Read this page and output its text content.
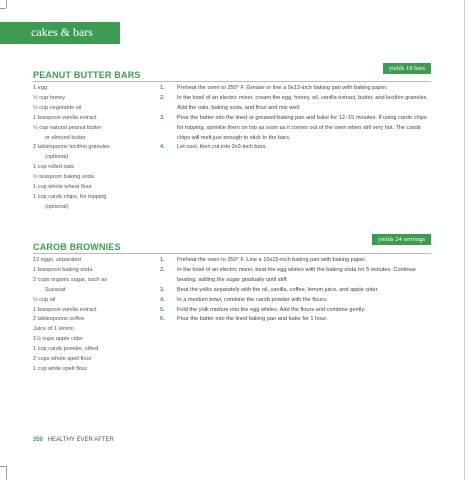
cakes & bars
yields 18 bars
PEANUT BUTTER BARS
1 egg
½ cup honey
½ cup vegetable oil
1 teaspoon vanilla extract
½ cup natural peanut butter
or almond butter
2 tablespoons lecithin granules
(optional)
1 cup rolled oats
½ teaspoon baking soda
1 cup whole wheat flour
1 cup carob chips, for topping
(optional)
1. Preheat the oven to 350° F. Grease or line a 9x13-inch baking pan with baking paper.
2. In the bowl of an electric mixer, cream the egg, honey, oil, vanilla extract, butter, and lecithin granules. Add the oats, baking soda, and flour and mix well.
3. Pour the batter into the lined or greased baking pan and bake for 12–15 minutes. If using carob chips for topping, sprinkle them on top as soon as it comes out of the oven when still very hot. The carob chips will melt just enough to stick to the bars.
4. Let cool, then cut into 2x3-inch bars.
yields 24 servings
CAROB BROWNIES
12 eggs, separated
1 teaspoon baking soda
2 cups organic sugar, such as
Sucanat
½ cup oil
1 teaspoon vanilla extract
2 tablespoons coffee
Juice of 1 lemon
1½ cups apple cider
1 cup carob powder, sifted
2 cups whole spelt flour
1 cup white spelt flour
1. Preheat the oven to 350° F. Line a 10x15-inch baking pan with baking paper.
2. In the bowl of an electric mixer, beat the egg whites with the baking soda for 5 minutes. Continue beating, adding the sugar gradually until stiff.
3. Beat the yolks separately with the oil, vanilla, coffee, lemon juice, and apple cider.
4. In a medium bowl, combine the carob powder with the flours.
5. Fold the yolk mixture into the egg whites. Add the flours and combine gently.
6. Pour the batter into the lined baking pan and bake for 1 hour.
350 HEALTHY EVER AFTER
